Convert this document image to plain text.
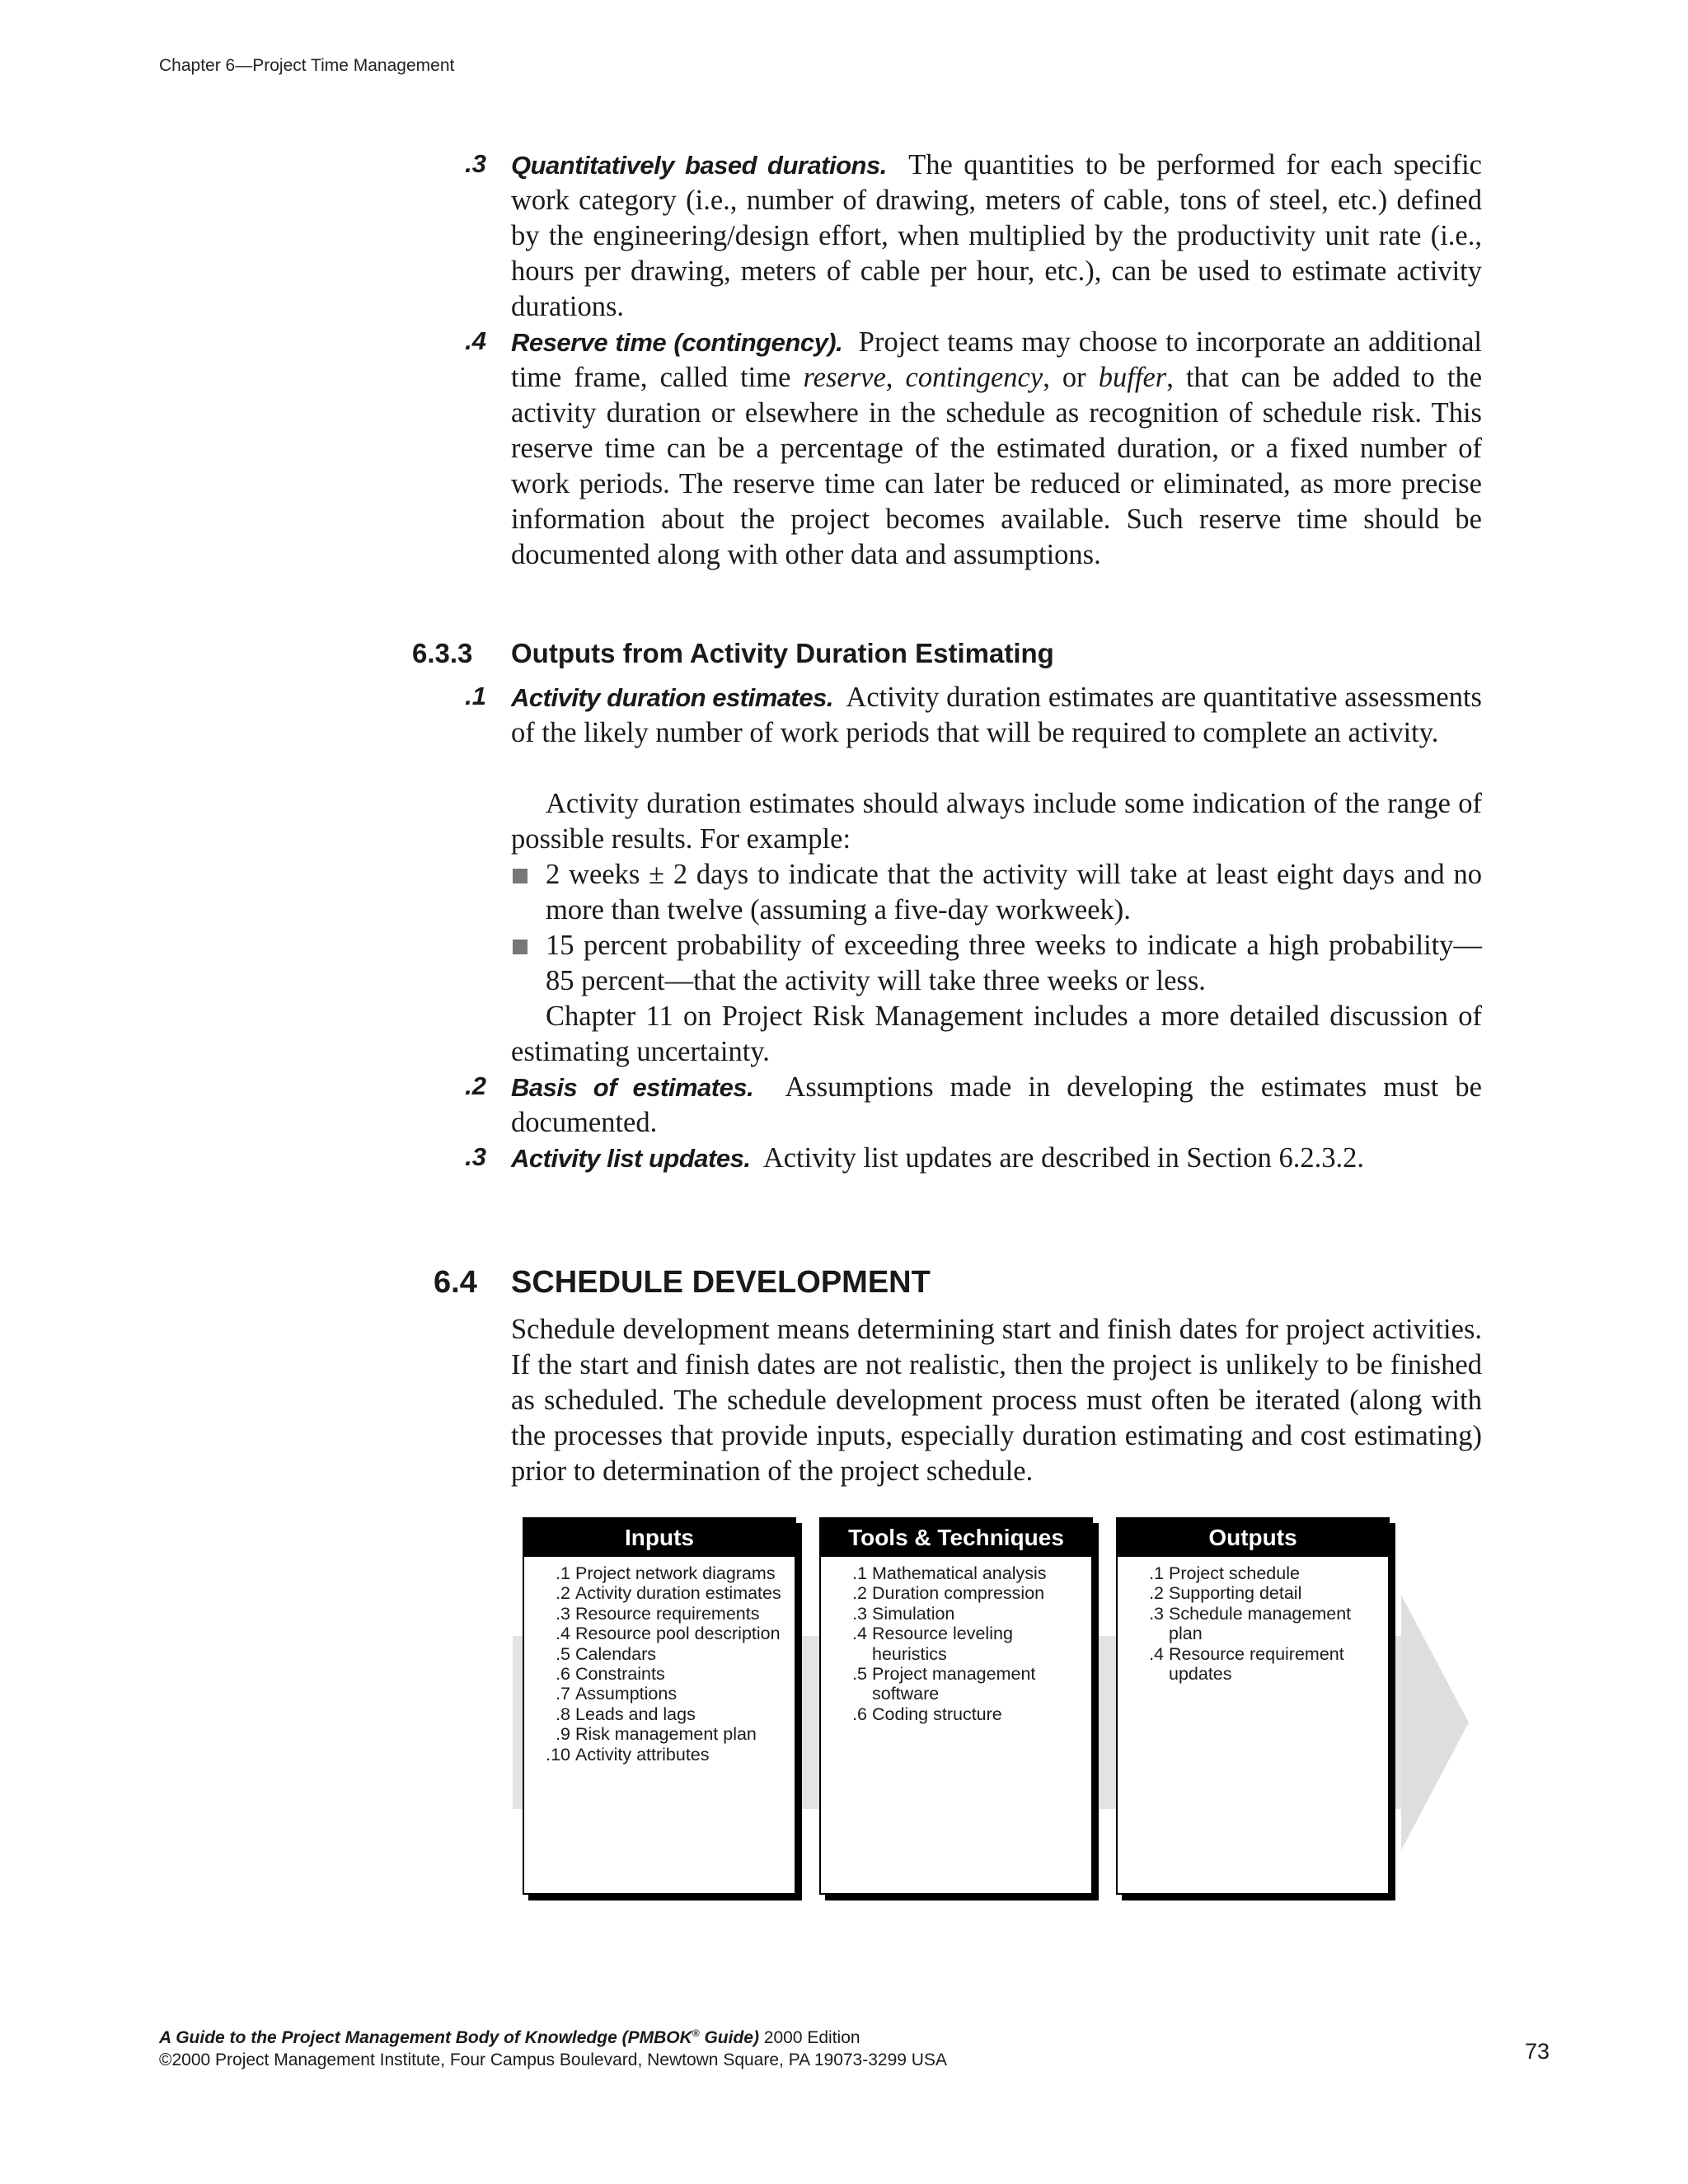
Chapter 6—Project Time Management
.3 Quantitatively based durations. The quantities to be performed for each specific work category (i.e., number of drawing, meters of cable, tons of steel, etc.) defined by the engineering/design effort, when multiplied by the productivity unit rate (i.e., hours per drawing, meters of cable per hour, etc.), can be used to estimate activity durations.
.4 Reserve time (contingency). Project teams may choose to incorporate an additional time frame, called time reserve, contingency, or buffer, that can be added to the activity duration or elsewhere in the schedule as recognition of schedule risk. This reserve time can be a percentage of the estimated duration, or a fixed number of work periods. The reserve time can later be reduced or eliminated, as more precise information about the project becomes available. Such reserve time should be documented along with other data and assumptions.
6.3.3 Outputs from Activity Duration Estimating
.1 Activity duration estimates. Activity duration estimates are quantitative assessments of the likely number of work periods that will be required to complete an activity.
Activity duration estimates should always include some indication of the range of possible results. For example:
2 weeks ± 2 days to indicate that the activity will take at least eight days and no more than twelve (assuming a five-day workweek).
15 percent probability of exceeding three weeks to indicate a high probability—85 percent—that the activity will take three weeks or less.
Chapter 11 on Project Risk Management includes a more detailed discussion of estimating uncertainty.
.2 Basis of estimates. Assumptions made in developing the estimates must be documented.
.3 Activity list updates. Activity list updates are described in Section 6.2.3.2.
6.4 SCHEDULE DEVELOPMENT
Schedule development means determining start and finish dates for project activities. If the start and finish dates are not realistic, then the project is unlikely to be finished as scheduled. The schedule development process must often be iterated (along with the processes that provide inputs, especially duration estimating and cost estimating) prior to determination of the project schedule.
Inputs
.1 Project network diagrams
.2 Activity duration estimates
.3 Resource requirements
.4 Resource pool description
.5 Calendars
.6 Constraints
.7 Assumptions
.8 Leads and lags
.9 Risk management plan
.10 Activity attributes
Tools & Techniques
.1 Mathematical analysis
.2 Duration compression
.3 Simulation
.4 Resource leveling heuristics
.5 Project management software
.6 Coding structure
Outputs
.1 Project schedule
.2 Supporting detail
.3 Schedule management plan
.4 Resource requirement updates
A Guide to the Project Management Body of Knowledge (PMBOK® Guide) 2000 Edition
©2000 Project Management Institute, Four Campus Boulevard, Newtown Square, PA 19073-3299 USA	73
